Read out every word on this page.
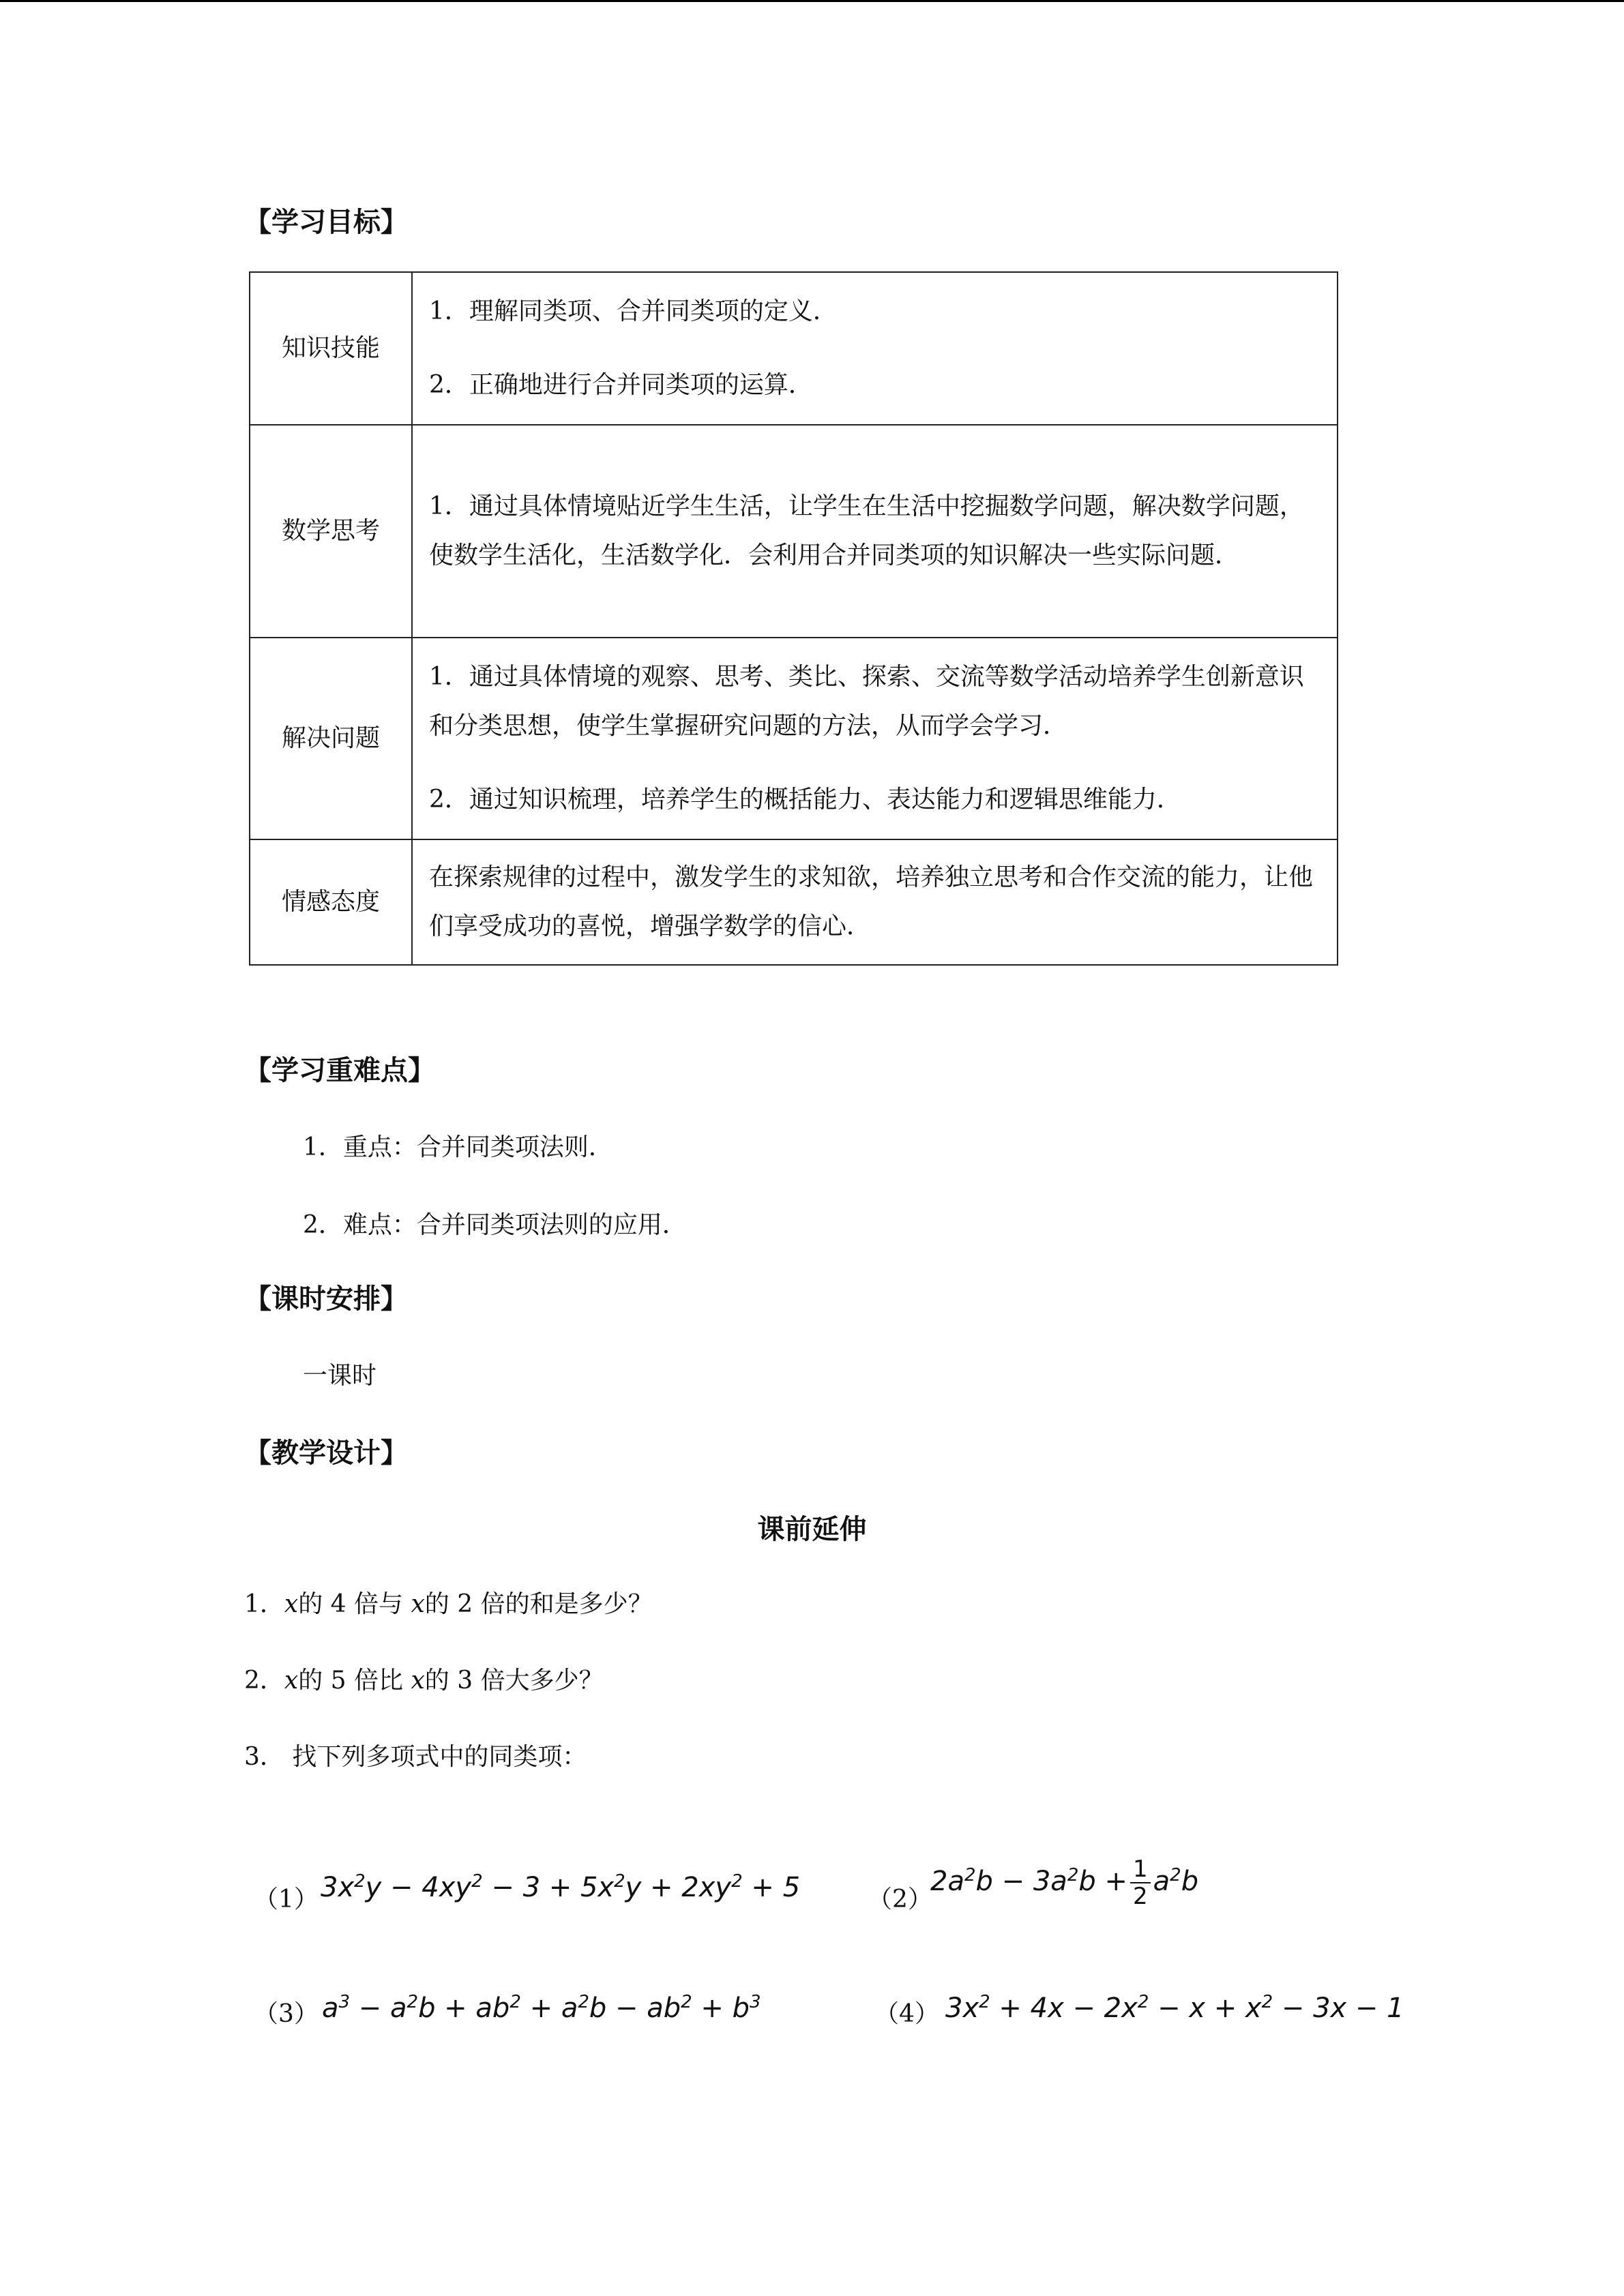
【学习目标】
知识技能	1．理解同类项、合并同类项的定义．

2．正确地进行合并同类项的运算．

数学思考	1．通过具体情境贴近学生生活，让学生在生活中挖掘数学问题，解决数学问题，使数学生活化，生活数学化．会利用合并同类项的知识解决一些实际问题．

解决问题	1．通过具体情境的观察、思考、类比、探索、交流等数学活动培养学生创新意识和分类思想，使学生掌握研究问题的方法，从而学会学习．

2．通过知识梳理，培养学生的概括能力、表达能力和逻辑思维能力．

情感态度	在探索规律的过程中，激发学生的求知欲，培养独立思考和合作交流的能力，让他们享受成功的喜悦，增强学数学的信心．

【学习重难点】
1．重点：合并同类项法则．
2．难点：合并同类项法则的应用．
【课时安排】
一课时
【教学设计】
课前延伸
1．x的 4 倍与 x的 2 倍的和是多少？
2．x的 5 倍比 x的 3 倍大多少？
3． 找下列多项式中的同类项：
（1） $3x^2y - 4xy^2 - 3 + 5x^2y + 2xy^2 + 5$	（2）
$2a^2b - 3a^2b + \frac{1}{2} a^2b$
（3） $a^3 - a^2b + ab^2 + a^2b - ab^2 + b^3$	（4） $3x^2 + 4x - 2x^2 - x + x^2 - 3x - 1$
